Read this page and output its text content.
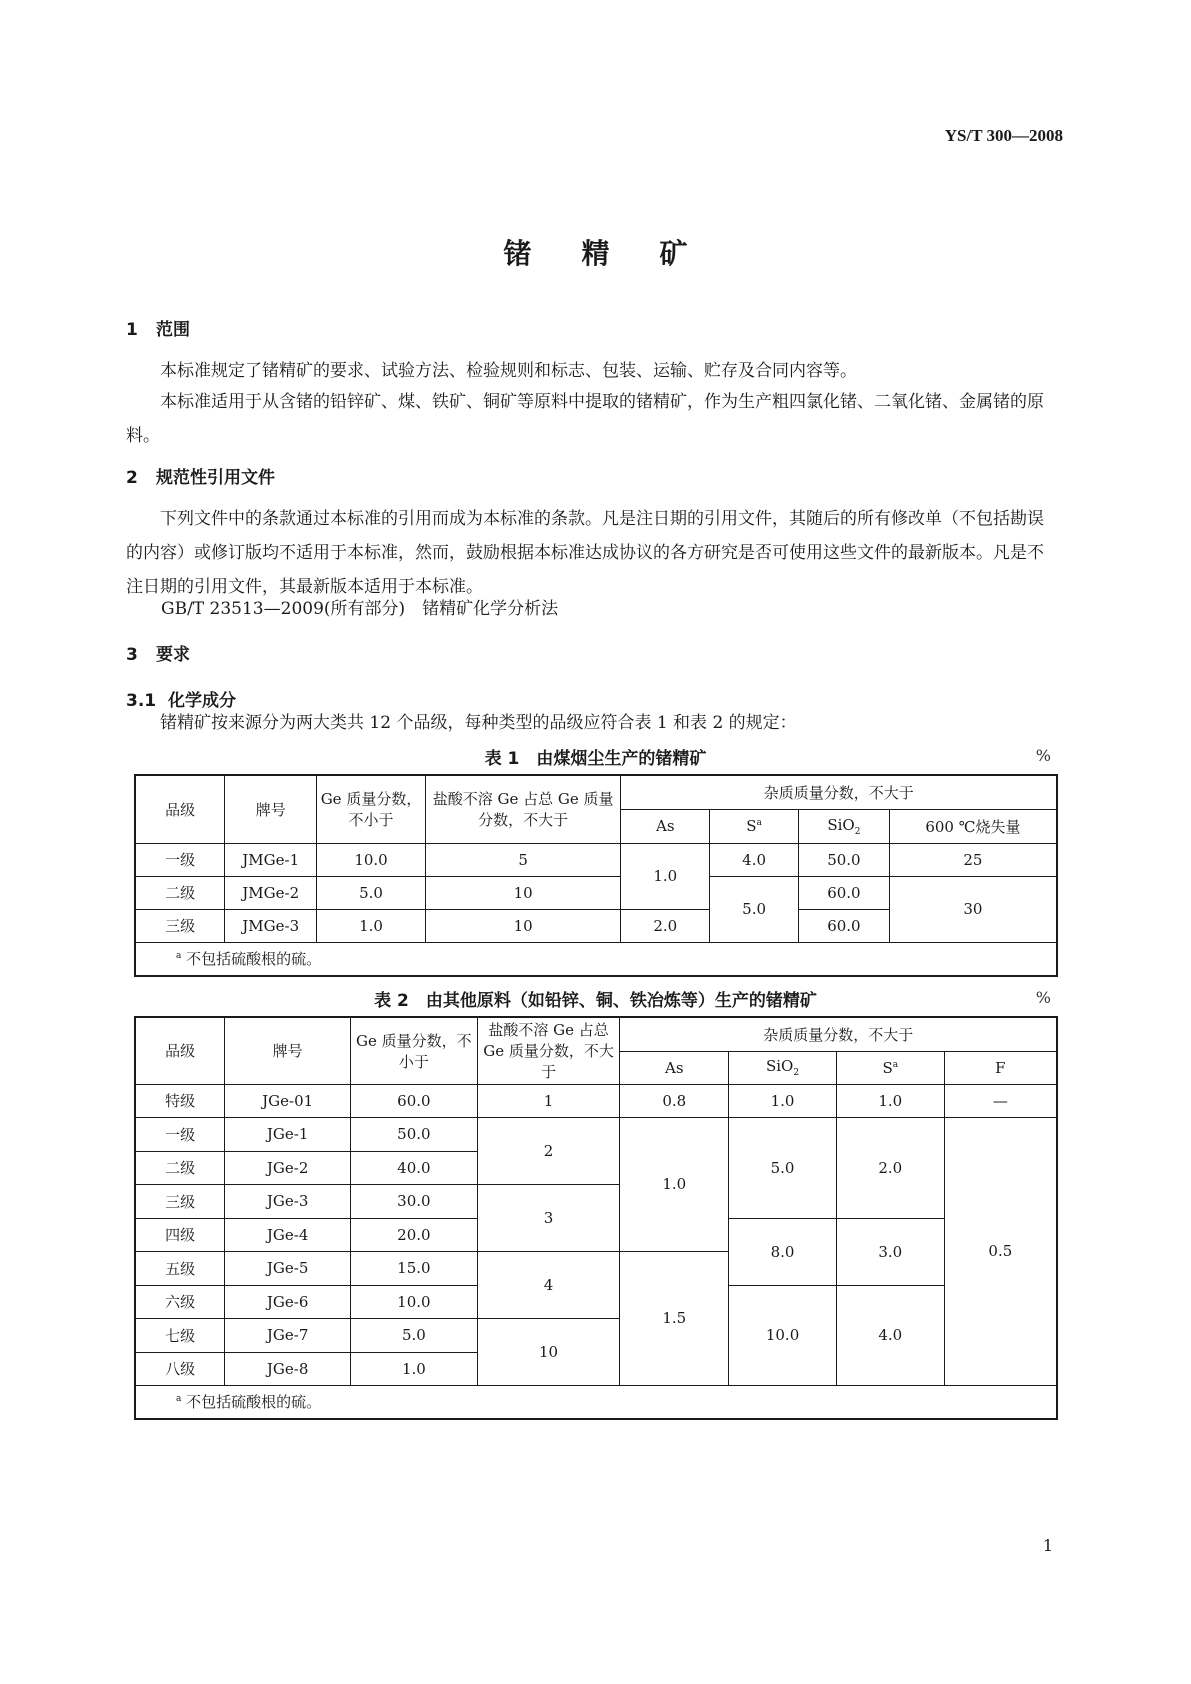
YS/T 300—2008
锗精矿
1 范围
本标准规定了锗精矿的要求、试验方法、检验规则和标志、包装、运输、贮存及合同内容等。
本标准适用于从含锗的铅锌矿、煤、铁矿、铜矿等原料中提取的锗精矿，作为生产粗四氯化锗、二氧化锗、金属锗的原料。
2 规范性引用文件
下列文件中的条款通过本标准的引用而成为本标准的条款。凡是注日期的引用文件，其随后的所有修改单（不包括勘误的内容）或修订版均不适用于本标准，然而，鼓励根据本标准达成协议的各方研究是否可使用这些文件的最新版本。凡是不注日期的引用文件，其最新版本适用于本标准。
GB/T 23513—2009(所有部分)　锗精矿化学分析法
3 要求
3.1 化学成分
锗精矿按来源分为两大类共 12 个品级，每种类型的品级应符合表 1 和表 2 的规定：
表 1　由煤烟尘生产的锗精矿	%
品级	牌号	Ge 质量分数，不小于	盐酸不溶 Ge 占总 Ge 质量分数，不大于	杂质质量分数，不大于			
				As	$S^a$	SiO$_2$	600 ℃烧失量
一级	JMGe-1	10.0	5	1.0	4.0	50.0	25
二级	JMGe-2	5.0	10		5.0	60.0	30
三级	JMGe-3	1.0	10	2.0		60.0	
$^a$ 不包括硫酸根的硫。							
表 2　由其他原料（如铅锌、铜、铁冶炼等）生产的锗精矿	%
品级	牌号	Ge 质量分数，不小于	盐酸不溶 Ge 占总 Ge 质量分数，不大于	杂质质量分数，不大于			
				As	SiO$_2$	$S^a$	F
特级	JGe-01	60.0	1	0.8	1.0	1.0	—
一级	JGe-1	50.0	2	1.0	5.0	2.0	0.5
二级	JGe-2	40.0					
三级	JGe-3	30.0	3				
四级	JGe-4	20.0			8.0	3.0	
五级	JGe-5	15.0	4	1.5			
六级	JGe-6	10.0			10.0	4.0	
七级	JGe-7	5.0	10				
八级	JGe-8	1.0					
$^a$ 不包括硫酸根的硫。							
1
